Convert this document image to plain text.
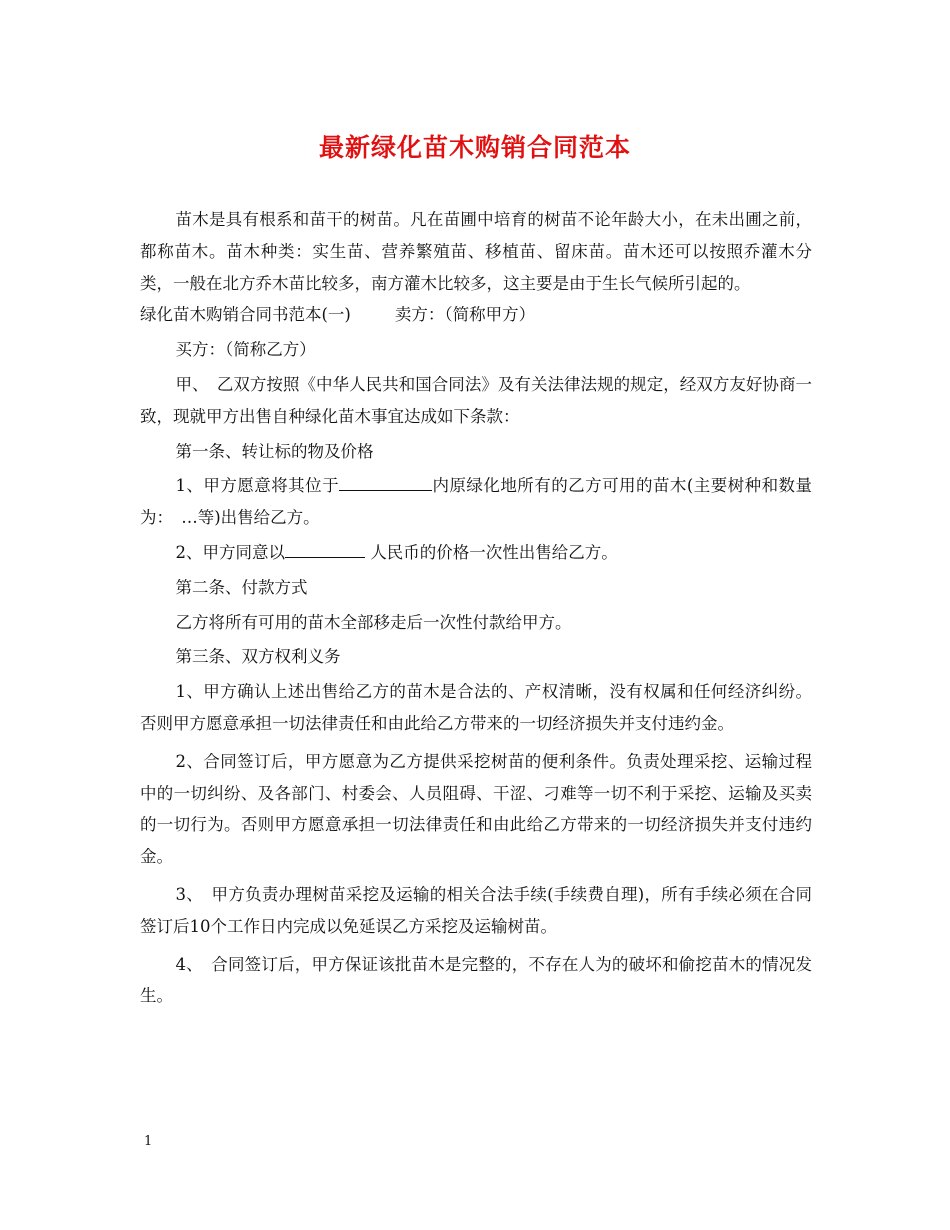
最新绿化苗木购销合同范本

苗木是具有根系和苗干的树苗。凡在苗圃中培育的树苗不论年龄大小，在未出圃之前，都称苗木。苗木种类：实生苗、营养繁殖苗、移植苗、留床苗。苗木还可以按照乔灌木分类，一般在北方乔木苗比较多，南方灌木比较多，这主要是由于生长气候所引起的。

绿化苗木购销合同书范本(一)	卖方：（简称甲方）

买方：（简称乙方）

甲、　乙双方按照《中华人民共和国合同法》及有关法律法规的规定，经双方友好协商一致，现就甲方出售自种绿化苗木事宜达成如下条款：

第一条、转让标的物及价格

1、甲方愿意将其位于	内原绿化地所有的乙方可用的苗木(主要树种和数量为：　…等)出售给乙方。

2、甲方同意以	人民币的价格一次性出售给乙方。

第二条、付款方式

乙方将所有可用的苗木全部移走后一次性付款给甲方。

第三条、双方权利义务

1、甲方确认上述出售给乙方的苗木是合法的、产权清晰，没有权属和任何经济纠纷。否则甲方愿意承担一切法律责任和由此给乙方带来的一切经济损失并支付违约金。

2、合同签订后，甲方愿意为乙方提供采挖树苗的便利条件。负责处理采挖、运输过程中的一切纠纷、及各部门、村委会、人员阻碍、干涩、刁难等一切不利于采挖、运输及买卖的一切行为。否则甲方愿意承担一切法律责任和由此给乙方带来的一切经济损失并支付违约金。

3、　甲方负责办理树苗采挖及运输的相关合法手续(手续费自理)，所有手续必须在合同签订后10个工作日内完成以免延误乙方采挖及运输树苗。

4、　合同签订后，甲方保证该批苗木是完整的，不存在人为的破坏和偷挖苗木的情况发生。

1
